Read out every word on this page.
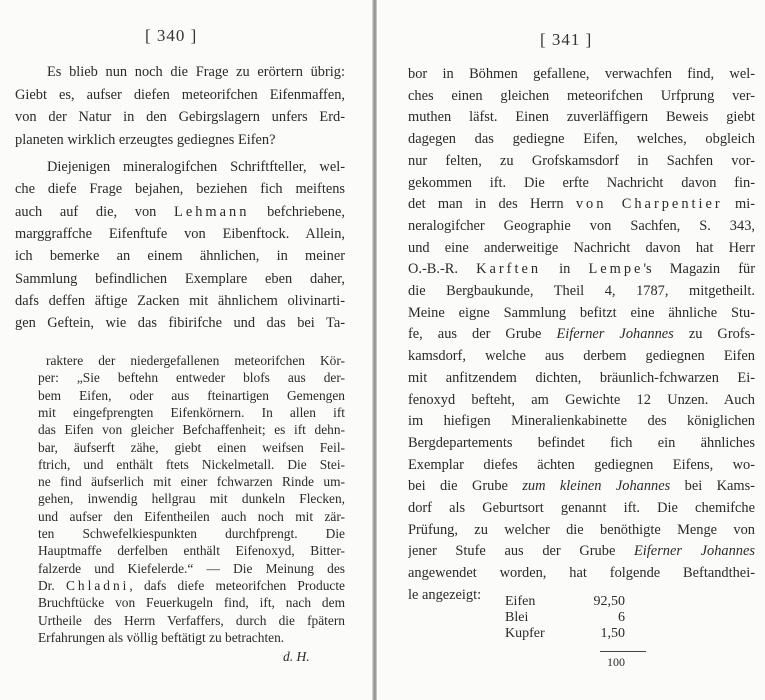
[ 340 ]
Es blieb nun noch die Frage zu erörtern übrig:
Giebt es, aufser diefen meteorifchen Eifenmaffen,
von der Natur in den Gebirgslagern unfers Erd-
planeten wirklich erzeugtes gediegnes Eifen?
Diejenigen mineralogifchen Schriftfteller, wel-
che diefe Frage bejahen, beziehen fich meiftens
auch auf die, von Lehmann befchriebene,
marggraffche Eifenftufe von Eibenftock. Allein,
ich bemerke an einem ähnlichen, in meiner
Sammlung befindlichen Exemplare eben daher,
dafs deffen äftige Zacken mit ähnlichem olivinarti-
gen Geftein, wie das fibirifche und das bei Ta-
raktere der niedergefallenen meteorifchen Kör-
per: „Sie beftehn entweder blofs aus der-
bem Eifen, oder aus fteinartigen Gemengen
mit eingefprengten Eifenkörnern. In allen ift
das Eifen von gleicher Befchaffenheit; es ift dehn-
bar, äufserft zähe, giebt einen weifsen Feil-
ftrich, und enthält ftets Nickelmetall. Die Stei-
ne find äufserlich mit einer fchwarzen Rinde um-
gehen, inwendig hellgrau mit dunkeln Flecken,
und aufser den Eifentheilen auch noch mit zär-
ten Schwefelkiespunkten durchfprengt. Die
Hauptmaffe derfelben enthält Eifenoxyd, Bitter-
falzerde und Kiefelerde.“ — Die Meinung des
Dr. Chladni, dafs diefe meteorifchen Producte
Bruchftücke von Feuerkugeln find, ift, nach dem
Urtheile des Herrn Verfaffers, durch die fpätern
Erfahrungen als völlig beftätigt zu betrachten.
d. H.
[ 341 ]
bor in Böhmen gefallene, verwachfen find, wel-
ches einen gleichen meteorifchen Urfprung ver-
muthen läfst. Einen zuverläffigern Beweis giebt
dagegen das gediegne Eifen, welches, obgleich
nur felten, zu Grofskamsdorf in Sachfen vor-
gekommen ift. Die erfte Nachricht davon fin-
det man in des Herrn von Charpentier mi-
neralogifcher Geographie von Sachfen, S. 343,
und eine anderweitige Nachricht davon hat Herr
O.-B.-R. Karften in Lempe's Magazin für
die Bergbaukunde, Theil 4, 1787, mitgetheilt.
Meine eigne Sammlung befitzt eine ähnliche Stu-
fe, aus der Grube Eiferner Johannes zu Grofs-
kamsdorf, welche aus derbem gediegnen Eifen
mit anfitzendem dichten, bräunlich-fchwarzen Ei-
fenoxyd befteht, am Gewichte 12 Unzen. Auch
im hiefigen Mineralienkabinette des königlichen
Bergdepartements befindet fich ein ähnliches
Exemplar diefes ächten gediegnen Eifens, wo-
bei die Grube zum kleinen Johannes bei Kams-
dorf als Geburtsort genannt ift. Die chemifche
Prüfung, zu welcher die benöthigte Menge von
jener Stufe aus der Grube Eiferner Johannes
angewendet worden, hat folgende Beftandthei-
le angezeigt:	Eifen	92,50
Blei	6
Kupfer	1,50
100
